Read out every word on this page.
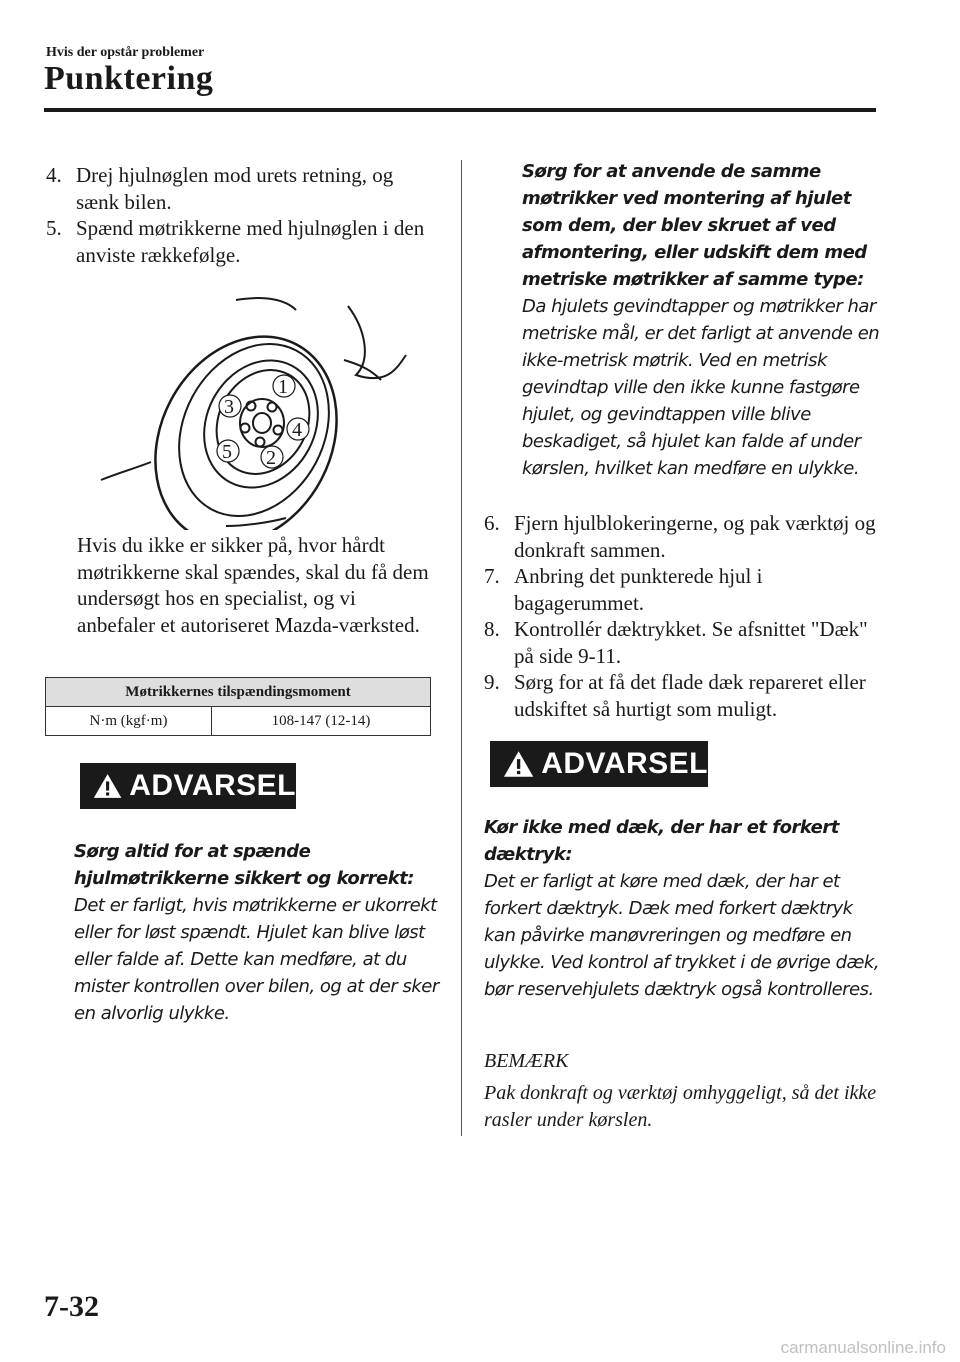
Hvis der opstår problemer
Punktering
4. Drej hjulnøglen mod urets retning, og sænk bilen.
5. Spænd møtrikkerne med hjulnøglen i den anviste rækkefølge.
1
2
3
4
5
Hvis du ikke er sikker på, hvor hårdt møtrikkerne skal spændes, skal du få dem undersøgt hos en specialist, og vi anbefaler et autoriseret Mazda-værksted.
Møtrikkernes tilspændingsmoment
N·m (kgf·m)	108-147 (12-14)
ADVARSEL
Sørg altid for at spænde hjulmøtrikkerne sikkert og korrekt:
Det er farligt, hvis møtrikkerne er ukorrekt eller for løst spændt. Hjulet kan blive løst eller falde af. Dette kan medføre, at du mister kontrollen over bilen, og at der sker en alvorlig ulykke.
Sørg for at anvende de samme møtrikker ved montering af hjulet som dem, der blev skruet af ved afmontering, eller udskift dem med metriske møtrikker af samme type:
Da hjulets gevindtapper og møtrikker har metriske mål, er det farligt at anvende en ikke-metrisk møtrik. Ved en metrisk gevindtap ville den ikke kunne fastgøre hjulet, og gevindtappen ville blive beskadiget, så hjulet kan falde af under kørslen, hvilket kan medføre en ulykke.
6. Fjern hjulblokeringerne, og pak værktøj og donkraft sammen.
7. Anbring det punkterede hjul i bagagerummet.
8. Kontrollér dæktrykket. Se afsnittet "Dæk" på side 9-11.
9. Sørg for at få det flade dæk repareret eller udskiftet så hurtigt som muligt.
ADVARSEL
Kør ikke med dæk, der har et forkert dæktryk:
Det er farligt at køre med dæk, der har et forkert dæktryk. Dæk med forkert dæktryk kan påvirke manøvreringen og medføre en ulykke. Ved kontrol af trykket i de øvrige dæk, bør reservehjulets dæktryk også kontrolleres.
BEMÆRK
Pak donkraft og værktøj omhyggeligt, så det ikke rasler under kørslen.
7-32
carmanualsonline.info
